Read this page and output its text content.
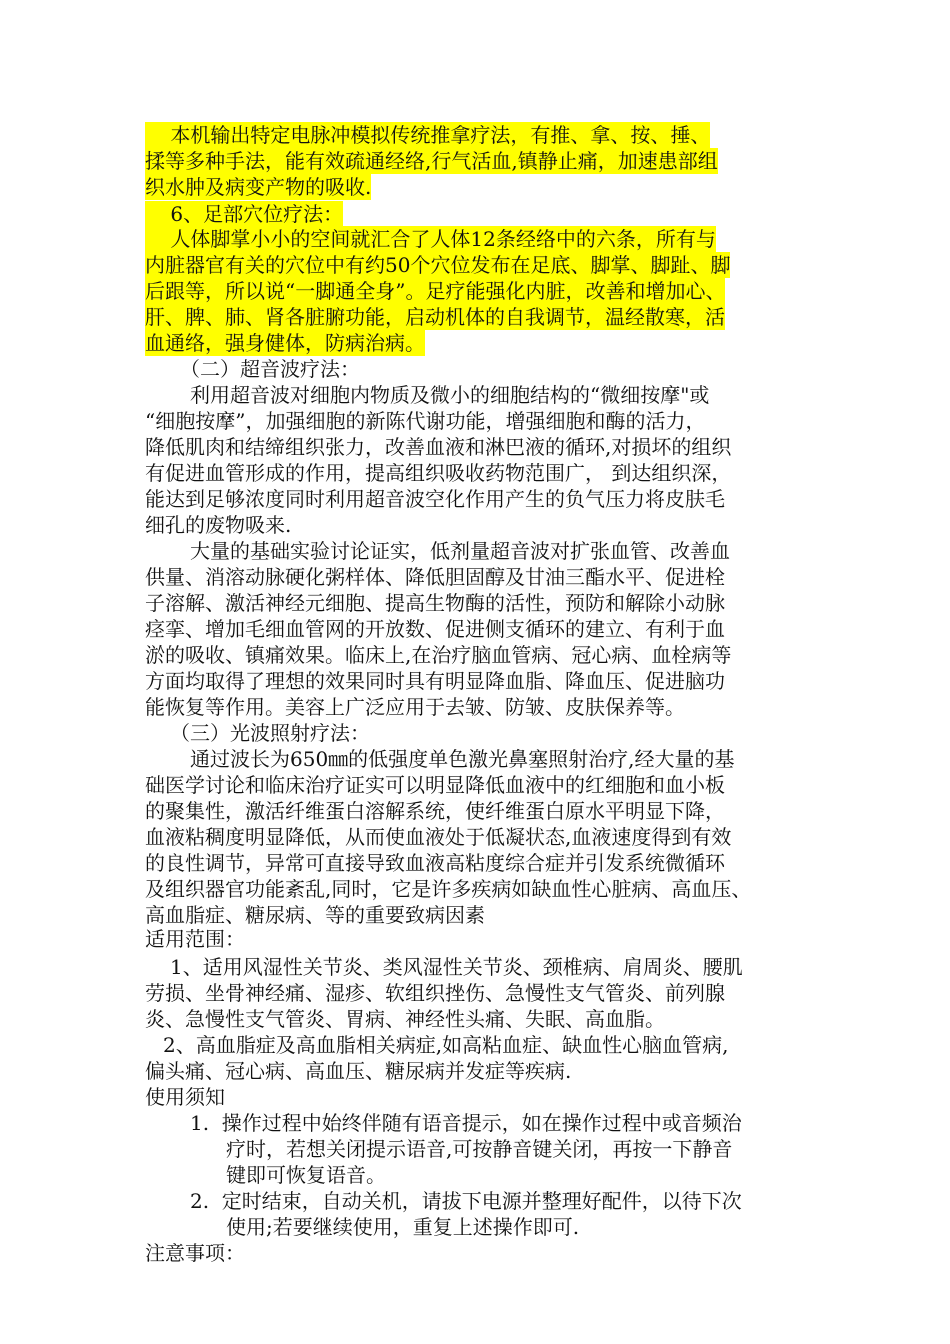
本机输出特定电脉冲模拟传统推拿疗法，有推、拿、按、捶、
揉等多种手法，能有效疏通经络,行气活血,镇静止痛，加速患部组
织水肿及病变产物的吸收.
6、足部穴位疗法：
人体脚掌小小的空间就汇合了人体12条经络中的六条，所有与
内脏器官有关的穴位中有约50个穴位发布在足底、脚掌、脚趾、脚
后跟等，所以说“一脚通全身”。足疗能强化内脏，改善和增加心、
肝、脾、肺、肾各脏腑功能，启动机体的自我调节，温经散寒，活
血通络，强身健体，防病治病。
（二）超音波疗法：
利用超音波对细胞内物质及微小的细胞结构的“微细按摩"或
“细胞按摩”，加强细胞的新陈代谢功能，增强细胞和酶的活力，
降低肌肉和结缔组织张力，改善血液和淋巴液的循环,对损坏的组织
有促进血管形成的作用，提高组织吸收药物范围广， 到达组织深，
能达到足够浓度同时利用超音波空化作用产生的负气压力将皮肤毛
细孔的废物吸来.
大量的基础实验讨论证实，低剂量超音波对扩张血管、改善血
供量、消溶动脉硬化粥样体、降低胆固醇及甘油三酯水平、促进栓
子溶解、激活神经元细胞、提高生物酶的活性，预防和解除小动脉
痉挛、增加毛细血管网的开放数、促进侧支循环的建立、有利于血
淤的吸收、镇痛效果。临床上,在治疗脑血管病、冠心病、血栓病等
方面均取得了理想的效果同时具有明显降血脂、降血压、促进脑功
能恢复等作用。美容上广泛应用于去皱、防皱、皮肤保养等。
（三）光波照射疗法：
通过波长为650㎜的低强度单色激光鼻塞照射治疗,经大量的基
础医学讨论和临床治疗证实可以明显降低血液中的红细胞和血小板
的聚集性，激活纤维蛋白溶解系统，使纤维蛋白原水平明显下降，
血液粘稠度明显降低，从而使血液处于低凝状态,血液速度得到有效
的良性调节，异常可直接导致血液高粘度综合症并引发系统微循环
及组织器官功能紊乱,同时，它是许多疾病如缺血性心脏病、高血压、
高血脂症、糖尿病、等的重要致病因素
适用范围：
1、适用风湿性关节炎、类风湿性关节炎、颈椎病、肩周炎、腰肌
劳损、坐骨神经痛、湿疹、软组织挫伤、急慢性支气管炎、前列腺
炎、急慢性支气管炎、胃病、神经性头痛、失眠、高血脂。
2、高血脂症及高血脂相关病症,如高粘血症、缺血性心脑血管病,
偏头痛、冠心病、高血压、糖尿病并发症等疾病.
使用须知
1.  操作过程中始终伴随有语音提示，如在操作过程中或音频治
疗时，若想关闭提示语音,可按静音键关闭，再按一下静音
键即可恢复语音。
2.  定时结束，自动关机，请拔下电源并整理好配件，以待下次
使用;若要继续使用，重复上述操作即可.
注意事项：
